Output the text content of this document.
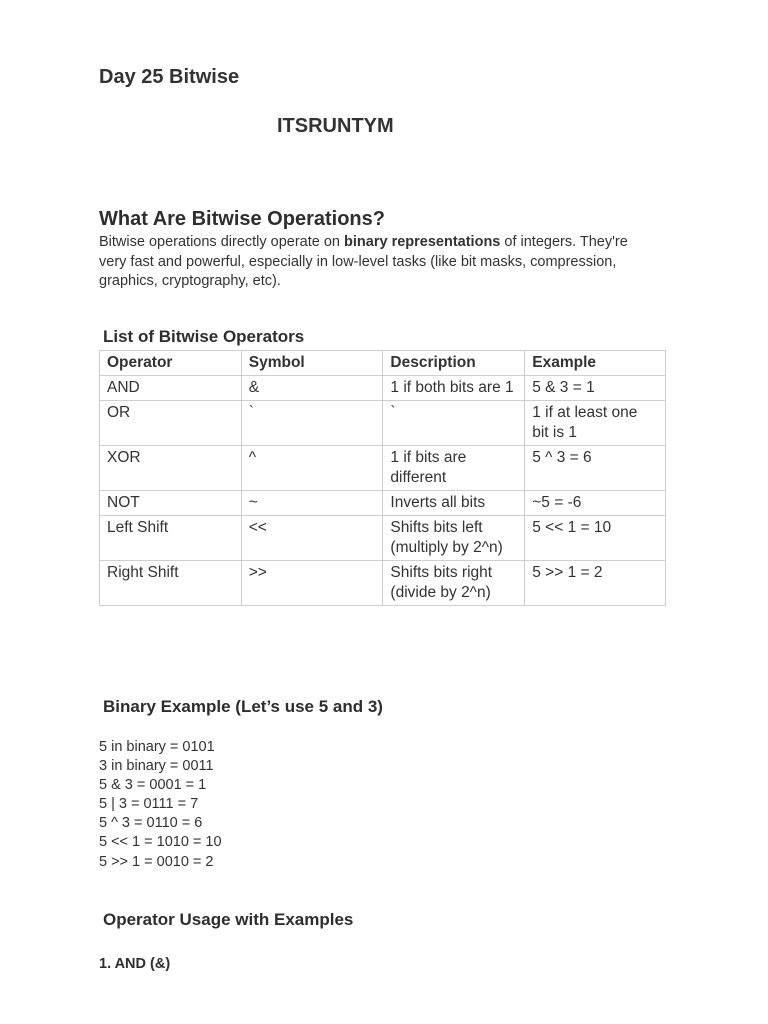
Day 25 Bitwise
ITSRUNTYM
What Are Bitwise Operations?
Bitwise operations directly operate on binary representations of integers. They're very fast and powerful, especially in low-level tasks (like bit masks, compression, graphics, cryptography, etc).
List of Bitwise Operators
Operator	Symbol	Description	Example
AND	&	1 if both bits are 1	5 & 3 = 1
OR	`	`	1 if at least one bit is 1
XOR	^	1 if bits are different	5 ^ 3 = 6
NOT	~	Inverts all bits	~5 = -6
Left Shift	<<	Shifts bits left (multiply by 2^n)	5 << 1 = 10
Right Shift	>>	Shifts bits right (divide by 2^n)	5 >> 1 = 2
Binary Example (Let’s use 5 and 3)
5 in binary = 0101
3 in binary = 0011
5 & 3 = 0001 = 1
5 | 3 = 0111 = 7
5 ^ 3 = 0110 = 6
5 << 1 = 1010 = 10
5 >> 1 = 0010 = 2
Operator Usage with Examples
1. AND (&)
